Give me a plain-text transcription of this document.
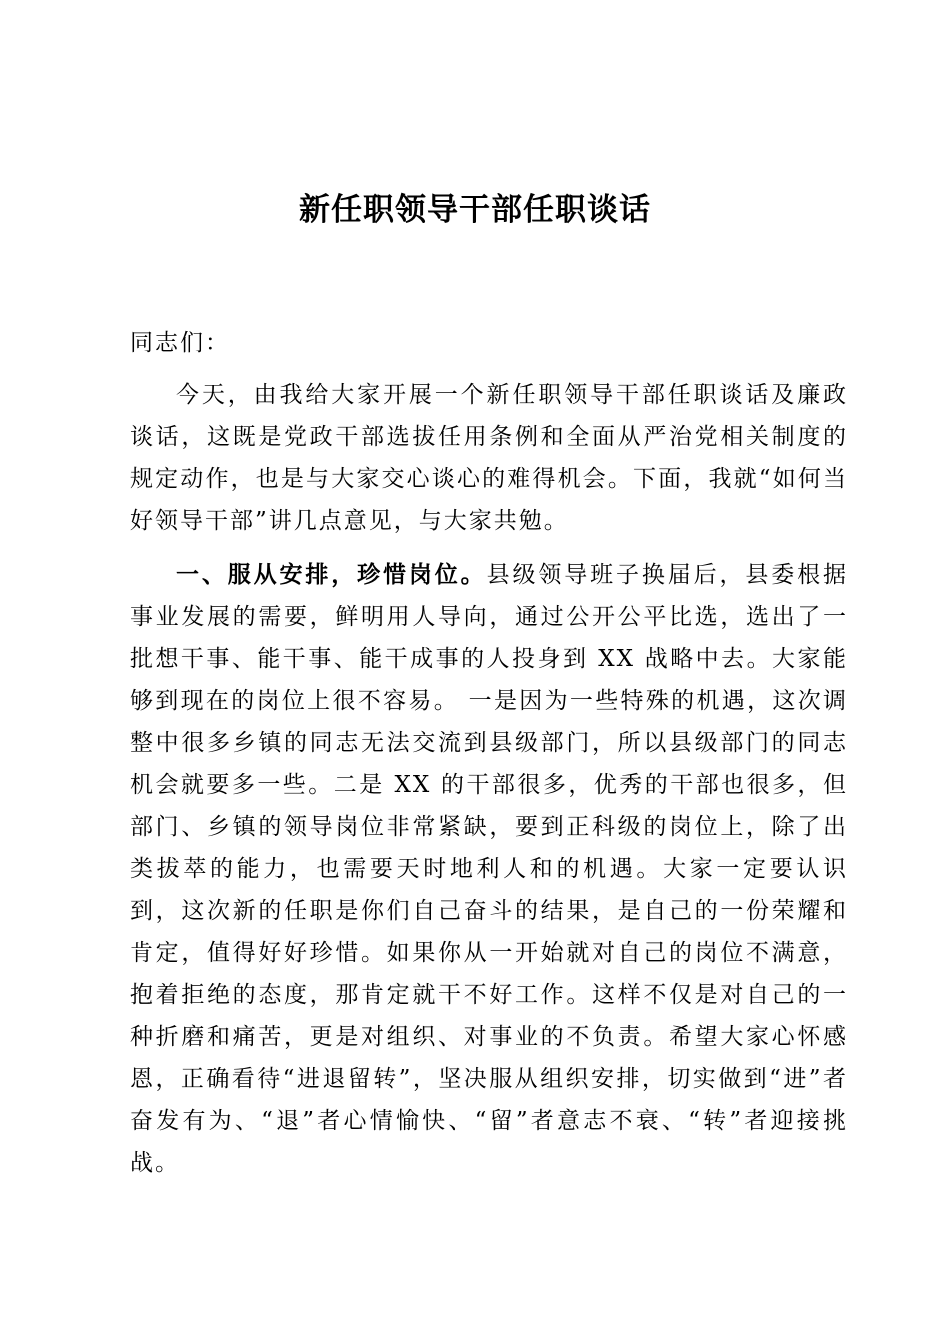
新任职领导干部任职谈话

同志们：

今天，由我给大家开展一个新任职领导干部任职谈话及廉政谈话，这既是党政干部选拔任用条例和全面从严治党相关制度的规定动作，也是与大家交心谈心的难得机会。下面，我就“如何当好领导干部”讲几点意见，与大家共勉。

一、服从安排，珍惜岗位。县级领导班子换届后，县委根据事业发展的需要，鲜明用人导向，通过公开公平比选，选出了一批想干事、能干事、能干成事的人投身到 XX 战略中去。大家能够到现在的岗位上很不容易。 一是因为一些特殊的机遇，这次调整中很多乡镇的同志无法交流到县级部门，所以县级部门的同志机会就要多一些。二是 XX 的干部很多，优秀的干部也很多，但部门、乡镇的领导岗位非常紧缺，要到正科级的岗位上，除了出类拔萃的能力，也需要天时地利人和的机遇。大家一定要认识到，这次新的任职是你们自己奋斗的结果，是自己的一份荣耀和肯定，值得好好珍惜。如果你从一开始就对自己的岗位不满意，抱着拒绝的态度，那肯定就干不好工作。这样不仅是对自己的一种折磨和痛苦，更是对组织、对事业的不负责。希望大家心怀感恩，正确看待“进退留转”，坚决服从组织安排，切实做到“进”者奋发有为、“退”者心情愉快、“留”者意志不衰、“转”者迎接挑战。
